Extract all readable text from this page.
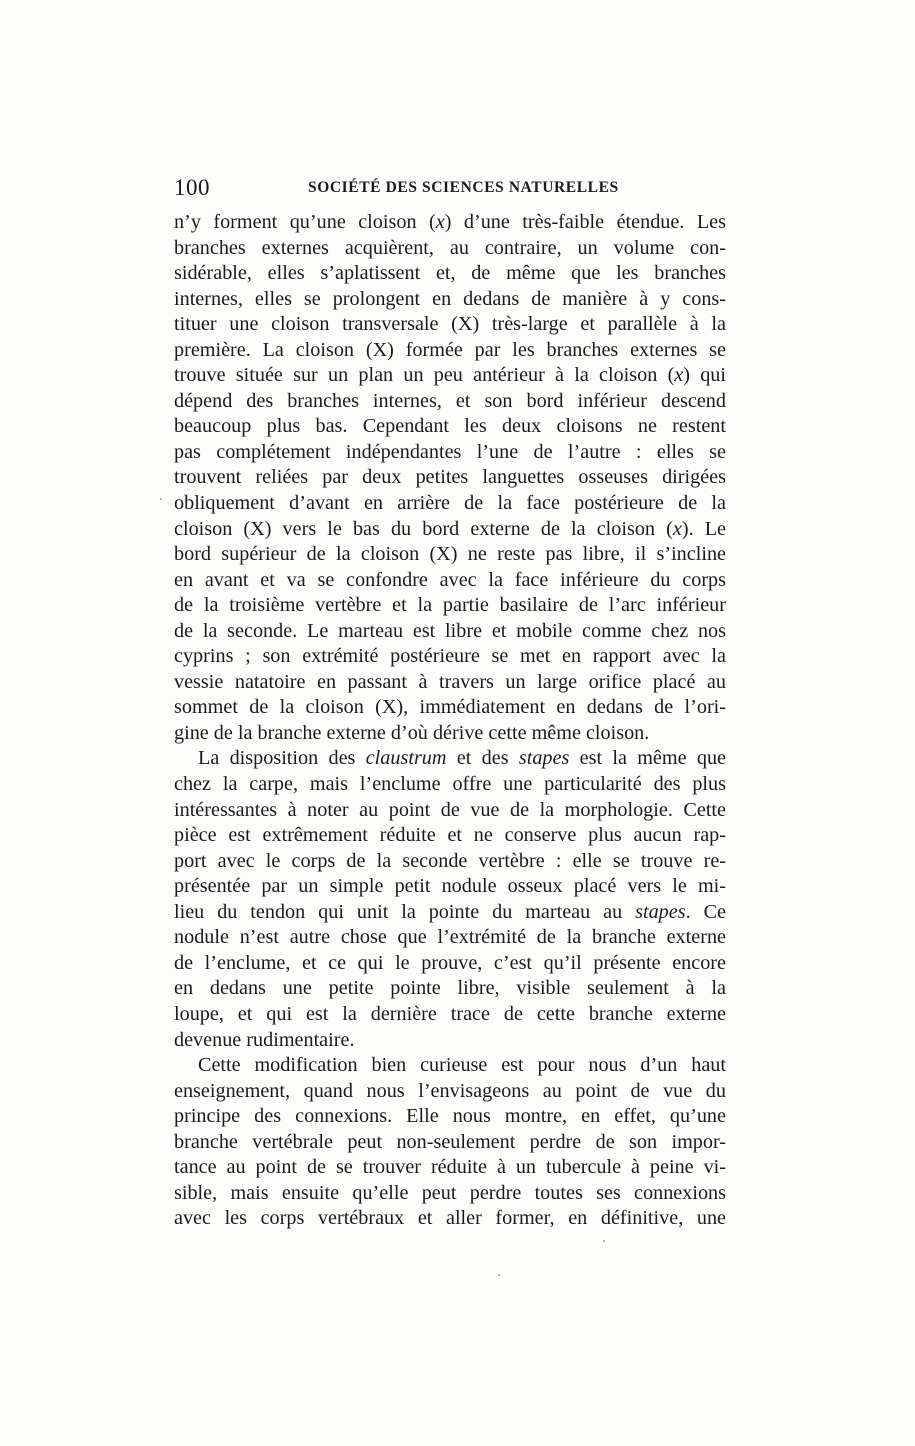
100	SOCIÉTÉ DES SCIENCES NATURELLES
n’y forment qu’une cloison (x) d’une très-faible étendue. Les
branches externes acquièrent, au contraire, un volume con-
sidérable, elles s’aplatissent et, de même que les branches
internes, elles se prolongent en dedans de manière à y cons-
tituer une cloison transversale (X) très-large et parallèle à la
première. La cloison (X) formée par les branches externes se
trouve située sur un plan un peu antérieur à la cloison (x) qui
dépend des branches internes, et son bord inférieur descend
beaucoup plus bas. Cependant les deux cloisons ne restent
pas complétement indépendantes l’une de l’autre : elles se
trouvent reliées par deux petites languettes osseuses dirigées
obliquement d’avant en arrière de la face postérieure de la
cloison (X) vers le bas du bord externe de la cloison (x). Le
bord supérieur de la cloison (X) ne reste pas libre, il s’incline
en avant et va se confondre avec la face inférieure du corps
de la troisième vertèbre et la partie basilaire de l’arc inférieur
de la seconde. Le marteau est libre et mobile comme chez nos
cyprins ; son extrémité postérieure se met en rapport avec la
vessie natatoire en passant à travers un large orifice placé au
sommet de la cloison (X), immédiatement en dedans de l’ori-
gine de la branche externe d’où dérive cette même cloison.
La disposition des claustrum et des stapes est la même que
chez la carpe, mais l’enclume offre une particularité des plus
intéressantes à noter au point de vue de la morphologie. Cette
pièce est extrêmement réduite et ne conserve plus aucun rap-
port avec le corps de la seconde vertèbre : elle se trouve re-
présentée par un simple petit nodule osseux placé vers le mi-
lieu du tendon qui unit la pointe du marteau au stapes. Ce
nodule n’est autre chose que l’extrémité de la branche externe
de l’enclume, et ce qui le prouve, c’est qu’il présente encore
en dedans une petite pointe libre, visible seulement à la
loupe, et qui est la dernière trace de cette branche externe
devenue rudimentaire.
Cette modification bien curieuse est pour nous d’un haut
enseignement, quand nous l’envisageons au point de vue du
principe des connexions. Elle nous montre, en effet, qu’une
branche vertébrale peut non-seulement perdre de son impor-
tance au point de se trouver réduite à un tubercule à peine vi-
sible, mais ensuite qu’elle peut perdre toutes ses connexions
avec les corps vertébraux et aller former, en définitive, une
